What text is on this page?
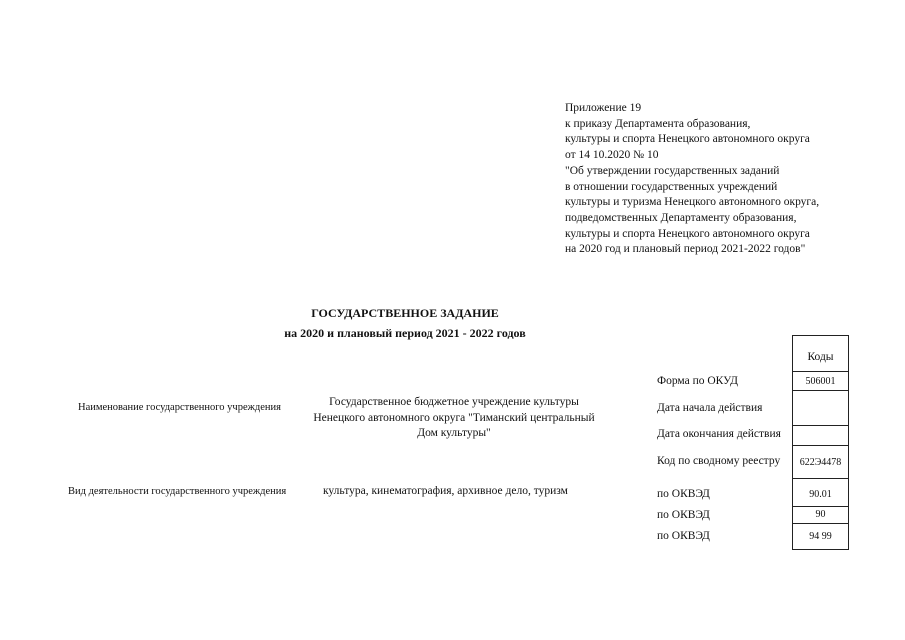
Приложение 19
к приказу Департамента образования,
культуры и спорта Ненецкого автономного округа
от 14 10.2020 № 10
"Об утверждении государственных заданий
в отношении государственных учреждений
культуры и туризма Ненецкого автономного округа,
подведомственных Департаменту образования,
культуры и спорта Ненецкого автономного округа
на 2020 год и плановый период 2021-2022 годов"
ГОСУДАРСТВЕННОЕ ЗАДАНИЕ
на 2020 и плановый период 2021 - 2022 годов
Наименование государственного учреждения	Государственное бюджетное учреждение культуры
Ненецкого автономного округа "Тиманский центральный
Дом культуры"
Вид деятельности государственного учреждения	культура, кинематография, архивное дело, туризм
Форма по ОКУД
Дата начала действия
Дата окончания действия
Код по сводному реестру
по ОКВЭД
по ОКВЭД
по ОКВЭД
Коды
506001
622Э4478
90.01
90
94 99
